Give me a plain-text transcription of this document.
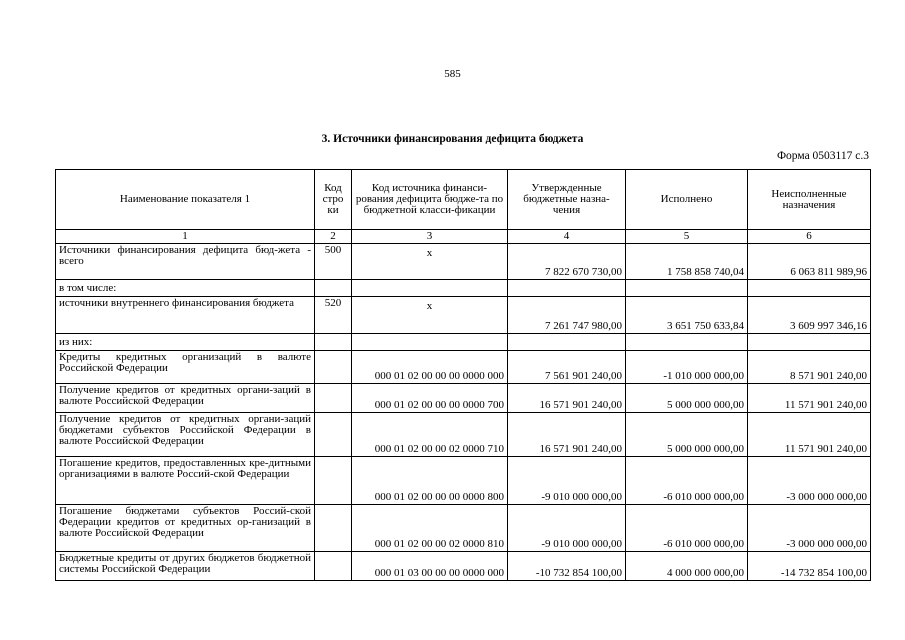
585
3. Источники финансирования дефицита бюджета
Форма 0503117 с.3
Наименование показателя 1	Код стро ки	Код источника финанси-рования дефицита бюдже-та по бюджетной класси-фикации	Утвержденные бюджетные назна-чения	Исполнено	Неисполненные назначения
1	2	3	4	5	6
Источники финансирования дефицита бюд-жета - всего	500	х	7 822 670 730,00	1 758 858 740,04	6 063 811 989,96
в том числе:					
источники внутреннего финансирования бюджета	520	х	7 261 747 980,00	3 651 750 633,84	3 609 997 346,16
из них:					
Кредиты кредитных организаций в валюте Российской Федерации		000 01 02 00 00 00 0000 000	7 561 901 240,00	-1 010 000 000,00	8 571 901 240,00
Получение кредитов от кредитных органи-заций в валюте Российской Федерации		000 01 02 00 00 00 0000 700	16 571 901 240,00	5 000 000 000,00	11 571 901 240,00
Получение кредитов от кредитных органи-заций бюджетами субъектов Российской Федерации в валюте Российской Федерации		000 01 02 00 00 02 0000 710	16 571 901 240,00	5 000 000 000,00	11 571 901 240,00
Погашение кредитов, предоставленных кре-дитными организациями в валюте Россий-ской Федерации		000 01 02 00 00 00 0000 800	-9 010 000 000,00	-6 010 000 000,00	-3 000 000 000,00
Погашение бюджетами субъектов Россий-ской Федерации кредитов от кредитных ор-ганизаций в валюте Российской Федерации		000 01 02 00 00 02 0000 810	-9 010 000 000,00	-6 010 000 000,00	-3 000 000 000,00
Бюджетные кредиты от других бюджетов бюджетной системы Российской Федерации		000 01 03 00 00 00 0000 000	-10 732 854 100,00	4 000 000 000,00	-14 732 854 100,00
